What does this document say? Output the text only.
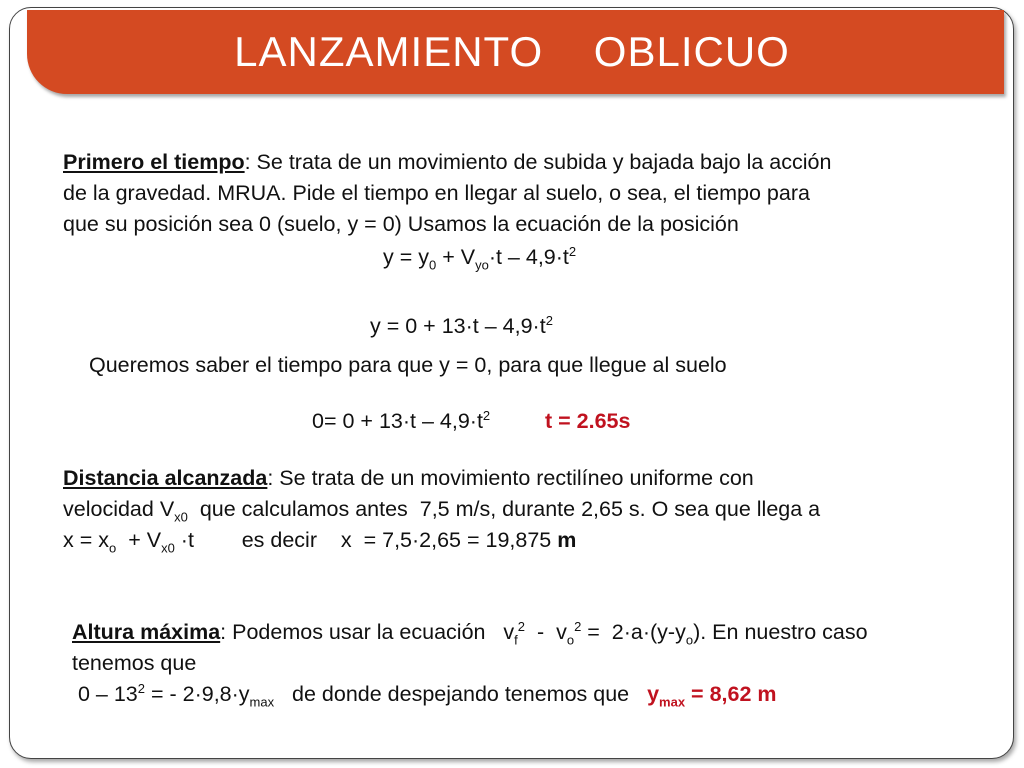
LANZAMIENTO    OBLICUO
Primero el tiempo: Se trata de un movimiento de subida y bajada bajo la acción
de la gravedad. MRUA. Pide el tiempo en llegar al suelo, o sea, el tiempo para
que su posición sea 0 (suelo, y = 0) Usamos la ecuación de la posición
$y = y_0 + V_{yo}\cdot t - 4,9\cdot t^2$
$y = 0 + 13\cdot t - 4,9\cdot t^2$
Queremos saber el tiempo para que y = 0, para que llegue al suelo
$0= 0 + 13\cdot t - 4,9\cdot t^2$	t = 2.65s
Distancia alcanzada: Se trata de un movimiento rectilíneo uniforme con
velocidad $V_{x0}$  que calculamos antes  7,5 m/s, durante 2,65 s. O sea que llega a
$x = x_o + V_{x0} \cdot t$        es decir    x  = 7,5·2,65 = 19,875 m
Altura máxima: Podemos usar la ecuación   $v_f^2 - v_o^2 = 2\cdot a\cdot(y-y_o)$. En nuestro caso
tenemos que
$0 - 13^2$ = - $2\cdot 9,8\cdot y_{max}$   de donde despejando tenemos que   $y_{max} = 8,62$ m
